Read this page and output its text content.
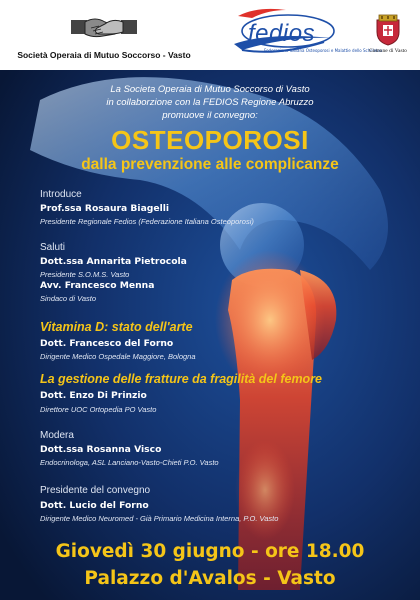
Società Operaia di Mutuo Soccorso - Vasto
fedios
Federazione Italiana Osteoporosi e Malattie dello Scheletro
Comune di Vasto
La Societa Operaia di Mutuo Soccorso di Vasto
in collaborzione con la FEDIOS Regione Abruzzo
promuove il convegno:
OSTEOPOROSI
dalla prevenzione alle complicanze
Introduce
Prof.ssa Rosaura Biagelli
Presidente Regionale Fedios (Federazione Italiana Osteoporosi)
Saluti
Dott.ssa Annarita Pietrocola
Presidente S.O.M.S. Vasto
Avv. Francesco Menna
Sindaco di Vasto
Vitamina D: stato dell'arte
Dott. Francesco del Forno
Dirigente Medico Ospedale Maggiore, Bologna
La gestione delle fratture da fragilità del femore
Dott. Enzo Di Prinzio
Direttore UOC Ortopedia PO Vasto
Modera
Dott.ssa Rosanna Visco
Endocrinologa, ASL Lanciano-Vasto-Chieti P.O. Vasto
Presidente del convegno
Dott. Lucio del Forno
Dirigente Medico Neuromed - Già Primario Medicina Interna, P.O. Vasto
Giovedì 30 giugno - ore 18.00
Palazzo d'Avalos - Vasto
